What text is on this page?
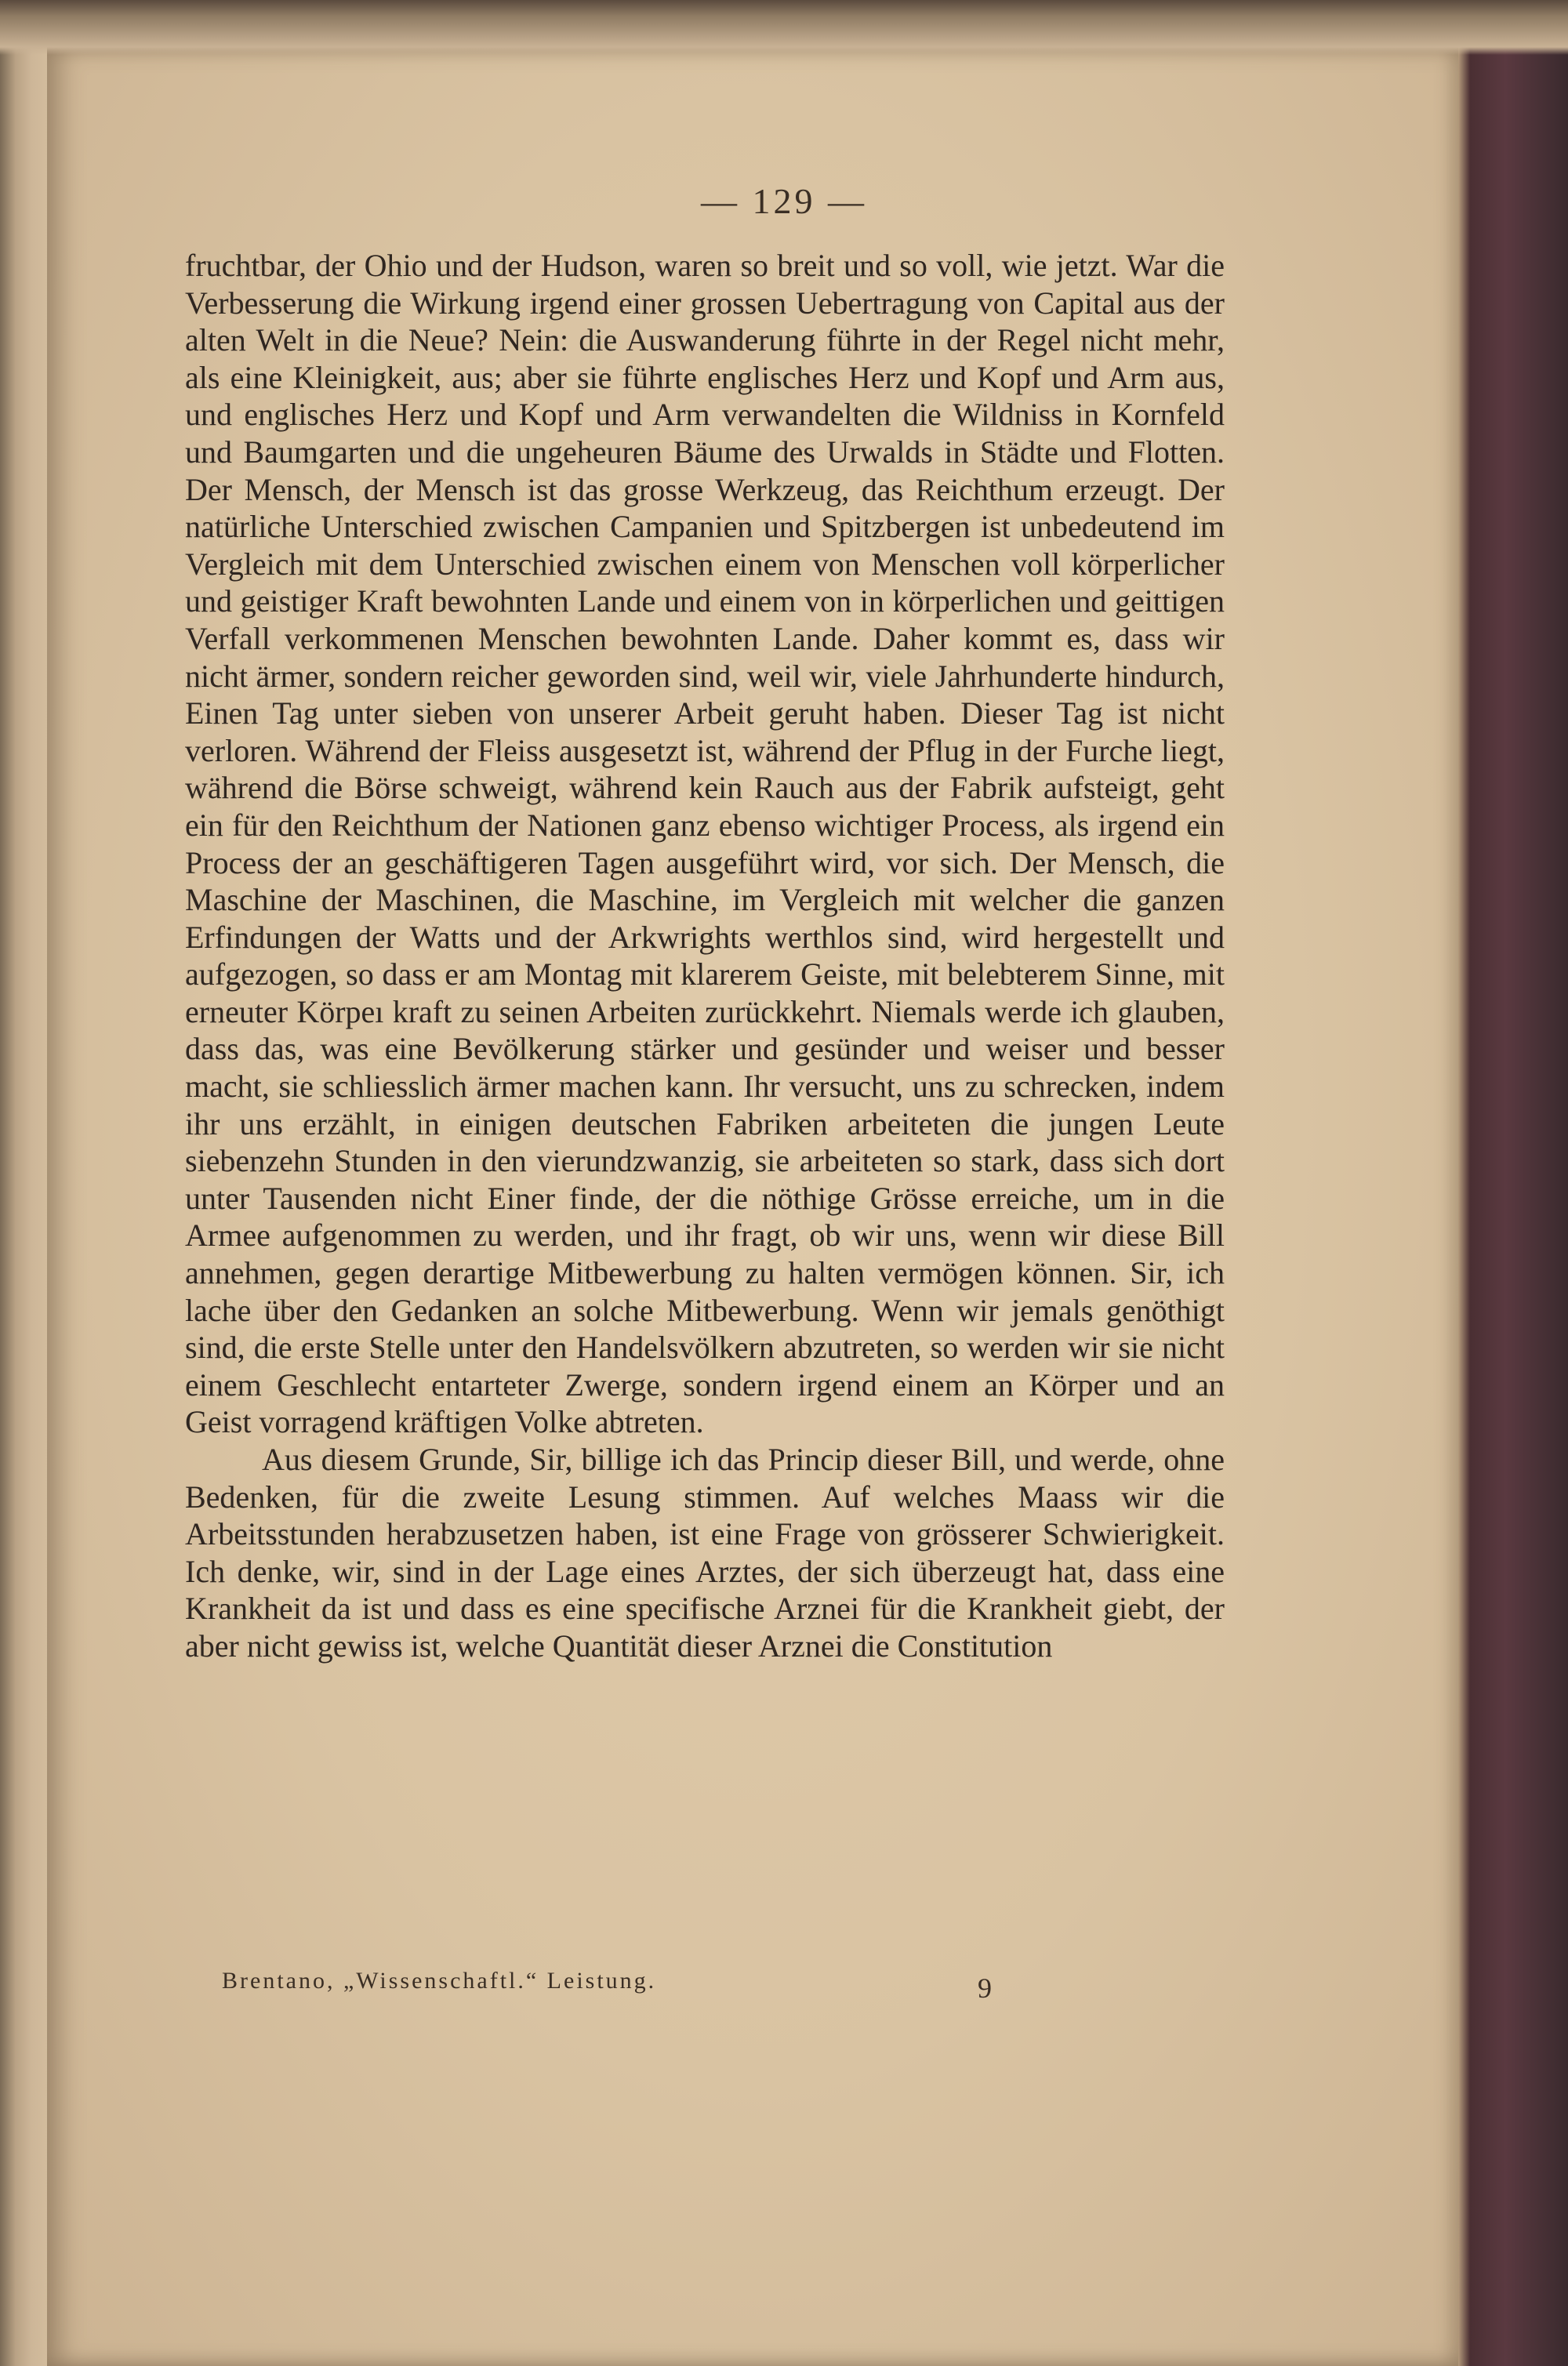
— 129 —

fruchtbar, der Ohio und der Hudson, waren so breit und so voll, wie jetzt. War die Verbesserung die Wirkung irgend einer grossen Uebertragung von Capital aus der alten Welt in die Neue? Nein: die Auswanderung führte in der Regel nicht mehr, als eine Kleinigkeit, aus; aber sie führte englisches Herz und Kopf und Arm aus, und englisches Herz und Kopf und Arm verwandelten die Wildniss in Kornfeld und Baumgarten und die ungeheuren Bäume des Urwalds in Städte und Flotten. Der Mensch, der Mensch ist das grosse Werkzeug, das Reichthum erzeugt. Der natürliche Unterschied zwischen Campanien und Spitzbergen ist unbedeutend im Vergleich mit dem Unterschied zwischen einem von Menschen voll körperlicher und geistiger Kraft bewohnten Lande und einem von in körperlichen und geittigen Verfall verkommenen Menschen bewohnten Lande. Daher kommt es, dass wir nicht ärmer, sondern reicher geworden sind, weil wir, viele Jahrhunderte hindurch, Einen Tag unter sieben von unserer Arbeit geruht haben. Dieser Tag ist nicht verloren. Während der Fleiss ausgesetzt ist, während der Pflug in der Furche liegt, während die Börse schweigt, während kein Rauch aus der Fabrik aufsteigt, geht ein für den Reichthum der Nationen ganz ebenso wichtiger Process, als irgend ein Process der an geschäftigeren Tagen ausgeführt wird, vor sich. Der Mensch, die Maschine der Maschinen, die Maschine, im Vergleich mit welcher die ganzen Erfindungen der Watts und der Arkwrights werthlos sind, wird hergestellt und aufgezogen, so dass er am Montag mit klarerem Geiste, mit belebterem Sinne, mit erneuter Körpeı kraft zu seinen Arbeiten zurückkehrt. Niemals werde ich glauben, dass das, was eine Bevölkerung stärker und gesünder und weiser und besser macht, sie schliesslich ärmer machen kann. Ihr versucht, uns zu schrecken, indem ihr uns erzählt, in einigen deutschen Fabriken arbeiteten die jungen Leute siebenzehn Stunden in den vierundzwanzig, sie arbeiteten so stark, dass sich dort unter Tausenden nicht Einer finde, der die nöthige Grösse erreiche, um in die Armee aufgenommen zu werden, und ihr fragt, ob wir uns, wenn wir diese Bill annehmen, gegen derartige Mitbewerbung zu halten vermögen können. Sir, ich lache über den Gedanken an solche Mitbewerbung. Wenn wir jemals genöthigt sind, die erste Stelle unter den Handelsvölkern abzutreten, so werden wir sie nicht einem Geschlecht entarteter Zwerge, sondern irgend einem an Körper und an Geist vorragend kräftigen Volke abtreten.

Aus diesem Grunde, Sir, billige ich das Princip dieser Bill, und werde, ohne Bedenken, für die zweite Lesung stimmen. Auf welches Maass wir die Arbeitsstunden herabzusetzen haben, ist eine Frage von grösserer Schwierigkeit. Ich denke, wir, sind in der Lage eines Arztes, der sich überzeugt hat, dass eine Krankheit da ist und dass es eine specifische Arznei für die Krankheit giebt, der aber nicht gewiss ist, welche Quantität dieser Arznei die Constitution

Brentano, „Wissenschaftl.“ Leistung.	9
